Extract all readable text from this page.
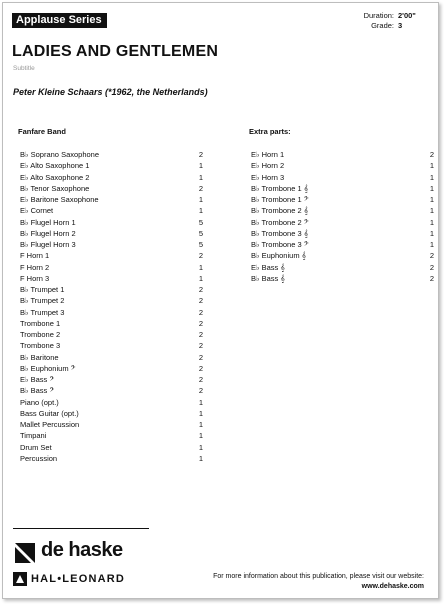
Applause Series	Duration: 2'00"
Grade: 3
LADIES AND GENTLEMEN
Subtitle
Peter Kleine Schaars (*1962, the Netherlands)
Fanfare Band
B♭ Soprano Saxophone	2
E♭ Alto Saxophone 1	1
E♭ Alto Saxophone 2	1
B♭ Tenor Saxophone	2
E♭ Baritone Saxophone	1
E♭ Cornet	1
B♭ Flugel Horn 1	5
B♭ Flugel Horn 2	5
B♭ Flugel Horn 3	5
F Horn 1	2
F Horn 2	1
F Horn 3	1
B♭ Trumpet 1	2
B♭ Trumpet 2	2
B♭ Trumpet 3	2
Trombone 1	2
Trombone 2	2
Trombone 3	2
B♭ Baritone	2
B♭ Euphonium 𝄢	2
E♭ Bass 𝄢	2
B♭ Bass 𝄢	2
Piano (opt.)	1
Bass Guitar (opt.)	1
Mallet Percussion	1
Timpani	1
Drum Set	1
Percussion	1
Extra parts:
E♭ Horn 1	2
E♭ Horn 2	1
E♭ Horn 3	1
B♭ Trombone 1 𝄞	1
B♭ Trombone 1 𝄢	1
B♭ Trombone 2 𝄞	1
B♭ Trombone 2 𝄢	1
B♭ Trombone 3 𝄞	1
B♭ Trombone 3 𝄢	1
B♭ Euphonium 𝄞	2
E♭ Bass 𝄞	2
B♭ Bass 𝄞	2
de haske
HAL•LEONARD	For more information about this publication, please visit our website:
www.dehaske.com
